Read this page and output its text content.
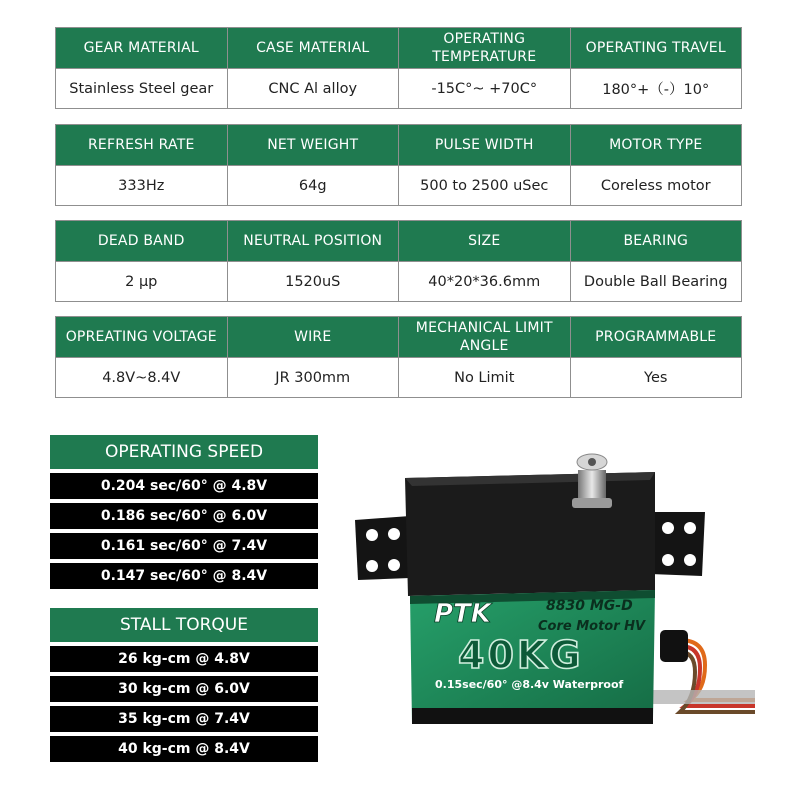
GEAR MATERIAL	CASE MATERIAL	OPERATING TEMPERATURE	OPERATING TRAVEL
Stainless Steel gear	CNC Al alloy	-15C°~ +70C°	180°+（-）10°
REFRESH RATE	NET WEIGHT	PULSE WIDTH	MOTOR TYPE
333Hz	64g	500 to 2500 uSec	Coreless motor
DEAD BAND	NEUTRAL POSITION	SIZE	BEARING
2 μp	1520uS	40*20*36.6mm	Double Ball Bearing
OPREATING VOLTAGE	WIRE	MECHANICAL LIMIT ANGLE	PROGRAMMABLE
4.8V~8.4V	JR 300mm	No Limit	Yes
OPERATING SPEED
0.204 sec/60° @ 4.8V
0.186 sec/60° @ 6.0V
0.161 sec/60° @ 7.4V
0.147 sec/60° @ 8.4V
STALL TORQUE
26 kg-cm @ 4.8V
30 kg-cm @ 6.0V
35 kg-cm @ 7.4V
40 kg-cm @ 8.4V
PTK	8830 MG-D
Core Motor HV
40KG
0.15sec/60° @8.4v Waterproof
